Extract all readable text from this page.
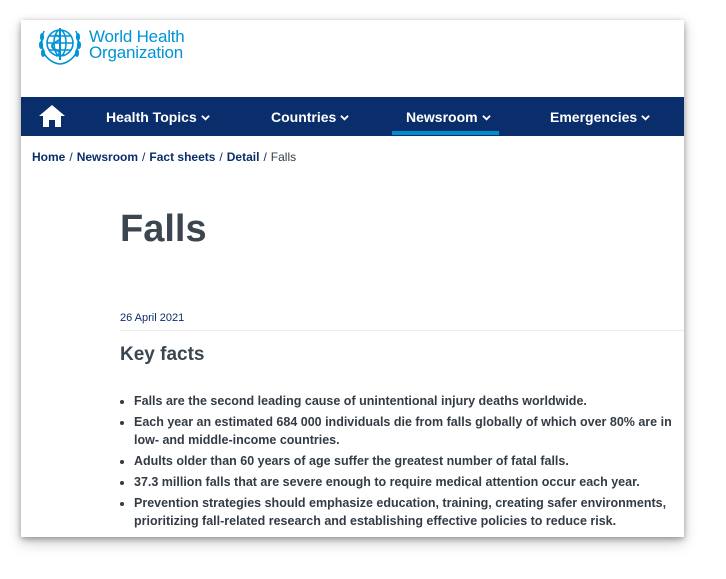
World Health
Organization
Health Topics	Countries	Newsroom	Emergencies
Home / Newsroom / Fact sheets / Detail / Falls
Falls
26 April 2021
Key facts
• Falls are the second leading cause of unintentional injury deaths worldwide.
• Each year an estimated 684 000 individuals die from falls globally of which over 80% are in low- and middle-income countries.
• Adults older than 60 years of age suffer the greatest number of fatal falls.
• 37.3 million falls that are severe enough to require medical attention occur each year.
• Prevention strategies should emphasize education, training, creating safer environments, prioritizing fall-related research and establishing effective policies to reduce risk.
